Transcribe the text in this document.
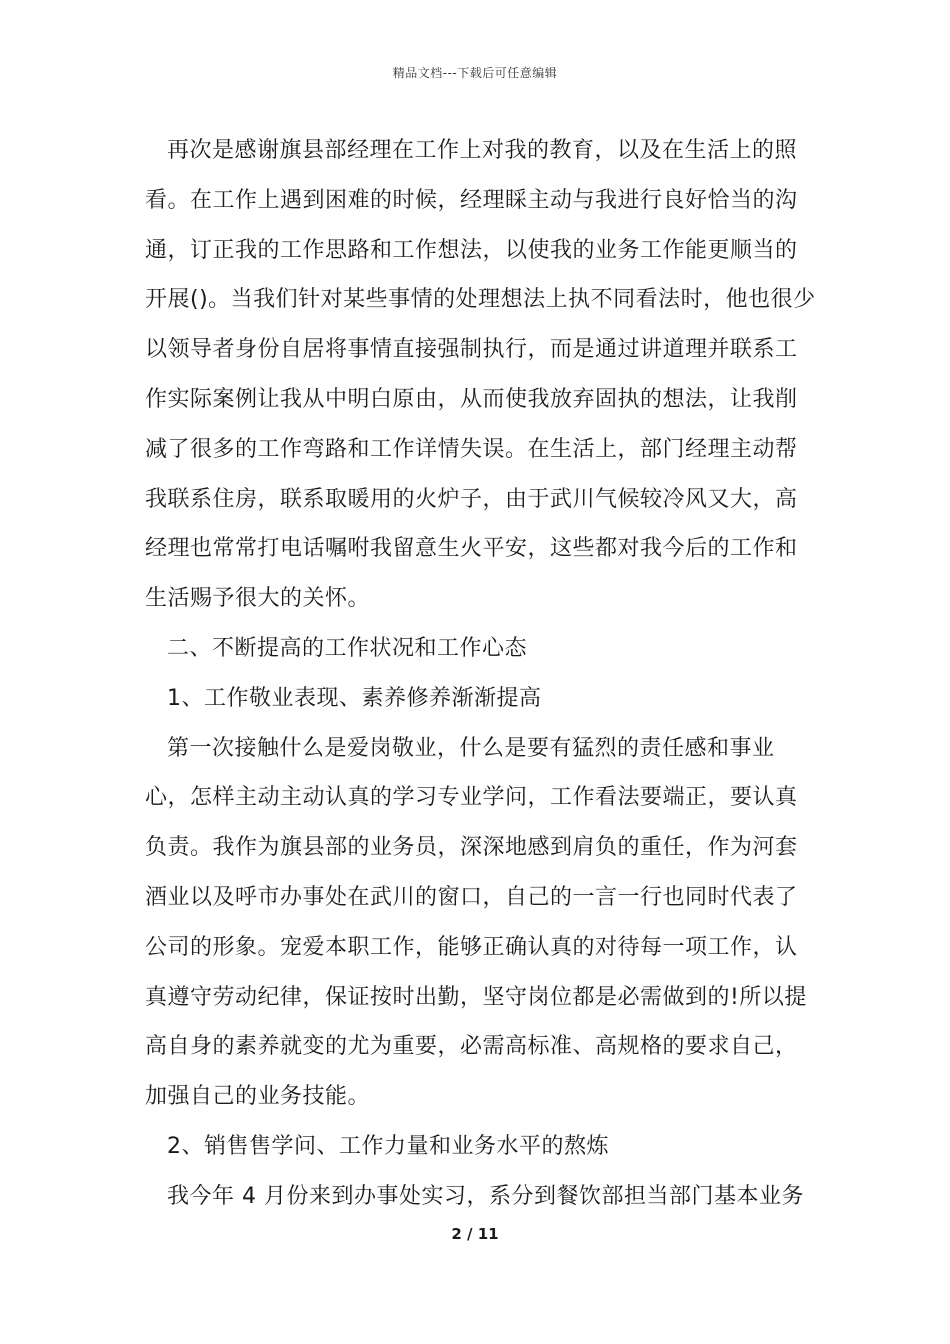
精品文档---下载后可任意编辑

再次是感谢旗县部经理在工作上对我的教育，以及在生活上的照看。在工作上遇到困难的时候，经理睬主动与我进行良好恰当的沟通，订正我的工作思路和工作想法，以使我的业务工作能更顺当的开展()。当我们针对某些事情的处理想法上执不同看法时，他也很少以领导者身份自居将事情直接强制执行，而是通过讲道理并联系工作实际案例让我从中明白原由，从而使我放弃固执的想法，让我削减了很多的工作弯路和工作详情失误。在生活上，部门经理主动帮我联系住房，联系取暖用的火炉子，由于武川气候较冷风又大，高经理也常常打电话嘱咐我留意生火平安，这些都对我今后的工作和生活赐予很大的关怀。

二、不断提高的工作状况和工作心态

1、工作敬业表现、素养修养渐渐提高

第一次接触什么是爱岗敬业，什么是要有猛烈的责任感和事业心，怎样主动主动认真的学习专业学问，工作看法要端正，要认真负责。我作为旗县部的业务员，深深地感到肩负的重任，作为河套酒业以及呼市办事处在武川的窗口，自己的一言一行也同时代表了公司的形象。宠爱本职工作，能够正确认真的对待每一项工作，认真遵守劳动纪律，保证按时出勤，坚守岗位都是必需做到的!所以提高自身的素养就变的尤为重要，必需高标准、高规格的要求自己，加强自己的业务技能。

2、销售售学问、工作力量和业务水平的熬炼

我今年 4 月份来到办事处实习，系分到餐饮部担当部门基本业务

2 / 11
